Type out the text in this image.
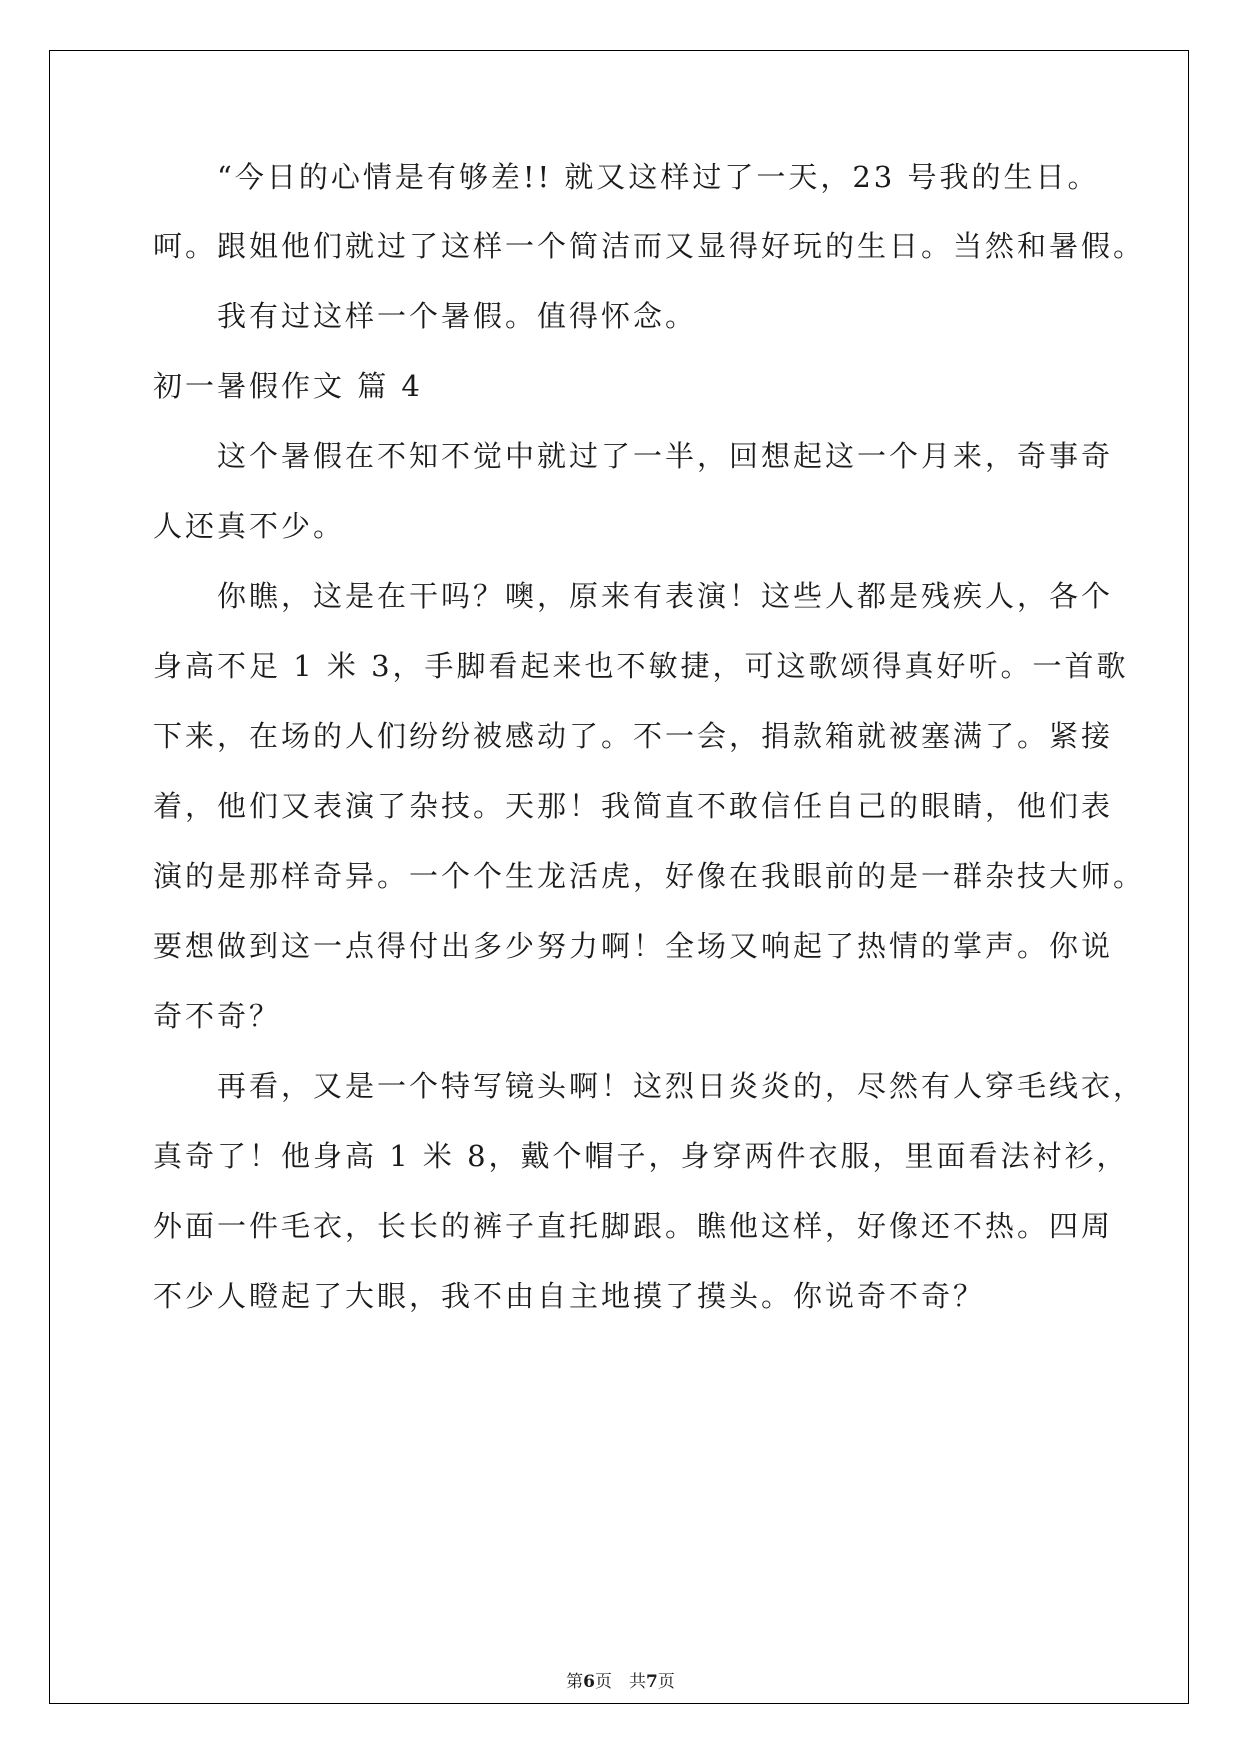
　　“今日的心情是有够差!! 就又这样过了一天，23 号我的生日。
呵。跟姐他们就过了这样一个简洁而又显得好玩的生日。当然和暑假。
　　我有过这样一个暑假。值得怀念。
初一暑假作文 篇 4
　　这个暑假在不知不觉中就过了一半，回想起这一个月来，奇事奇
人还真不少。
　　你瞧，这是在干吗？噢，原来有表演！这些人都是残疾人，各个
身高不足 1 米 3，手脚看起来也不敏捷，可这歌颂得真好听。一首歌
下来，在场的人们纷纷被感动了。不一会，捐款箱就被塞满了。紧接
着，他们又表演了杂技。天那！我简直不敢信任自己的眼睛，他们表
演的是那样奇异。一个个生龙活虎，好像在我眼前的是一群杂技大师。
要想做到这一点得付出多少努力啊！全场又响起了热情的掌声。你说
奇不奇？
　　再看，又是一个特写镜头啊！这烈日炎炎的，尽然有人穿毛线衣，
真奇了！他身高 1 米 8，戴个帽子，身穿两件衣服，里面看法衬衫，
外面一件毛衣，长长的裤子直托脚跟。瞧他这样，好像还不热。四周
不少人瞪起了大眼，我不由自主地摸了摸头。你说奇不奇？
第6页　共7页
